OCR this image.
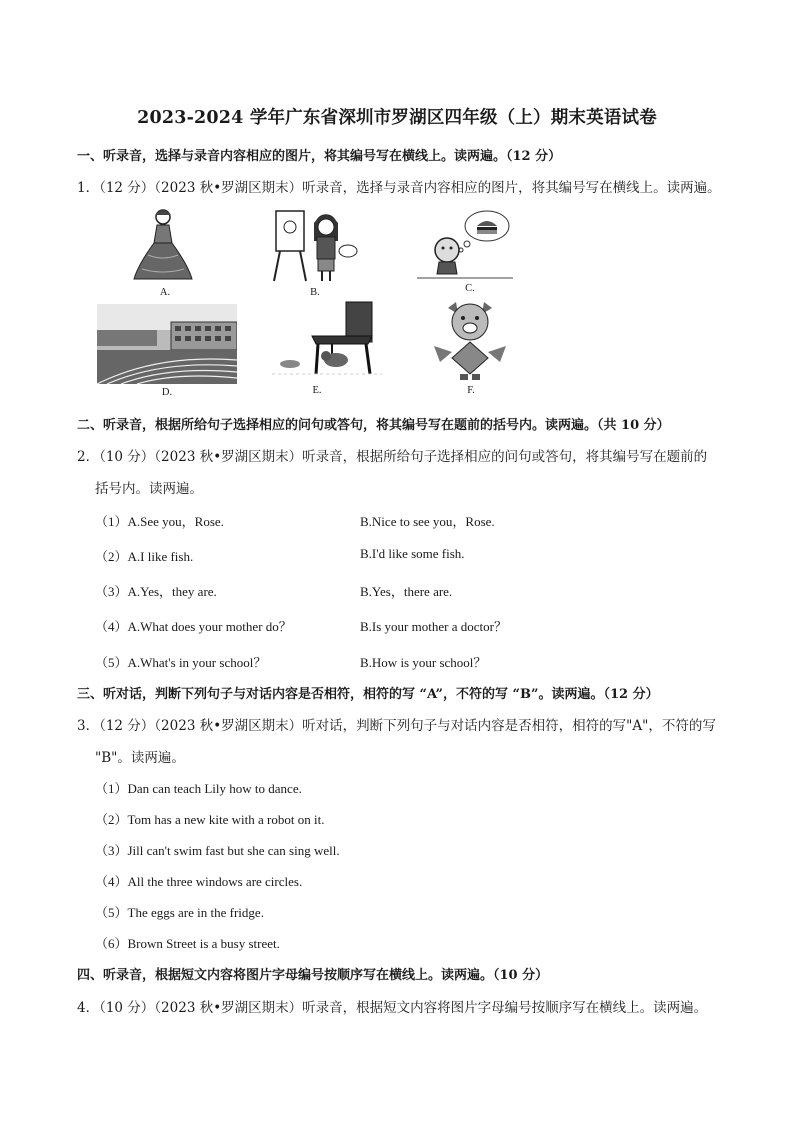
2023-2024 学年广东省深圳市罗湖区四年级（上）期末英语试卷
一、听录音，选择与录音内容相应的图片，将其编号写在横线上。读两遍。（12 分）
1．（12 分）（2023 秋•罗湖区期末）听录音，选择与录音内容相应的图片，将其编号写在横线上。读两遍。
A.	B.	C.
D.	E.	F.
二、听录音，根据所给句子选择相应的问句或答句，将其编号写在题前的括号内。读两遍。（共 10 分）
2．（10 分）（2023 秋•罗湖区期末）听录音，根据所给句子选择相应的问句或答句，将其编号写在题前的
括号内。读两遍。
（1）A.See you，Rose.	B.Nice to see you，Rose.
（2）A.I like fish.	B.I'd like some fish.
（3）A.Yes，they are.	B.Yes，there are.
（4）A.What does your mother do？	B.Is your mother a doctor？
（5）A.What's in your school？	B.How is your school？
三、听对话，判断下列句子与对话内容是否相符，相符的写 “A”，不符的写 “B”。读两遍。（12 分）
3．（12 分）（2023 秋•罗湖区期末）听对话，判断下列句子与对话内容是否相符，相符的写"A"，不符的写
"B"。读两遍。
（1）Dan can teach Lily how to dance.
（2）Tom has a new kite with a robot on it.
（3）Jill can't swim fast but she can sing well.
（4）All the three windows are circles.
（5）The eggs are in the fridge.
（6）Brown Street is a busy street.
四、听录音，根据短文内容将图片字母编号按顺序写在横线上。读两遍。（10 分）
4．（10 分）（2023 秋•罗湖区期末）听录音，根据短文内容将图片字母编号按顺序写在横线上。读两遍。
